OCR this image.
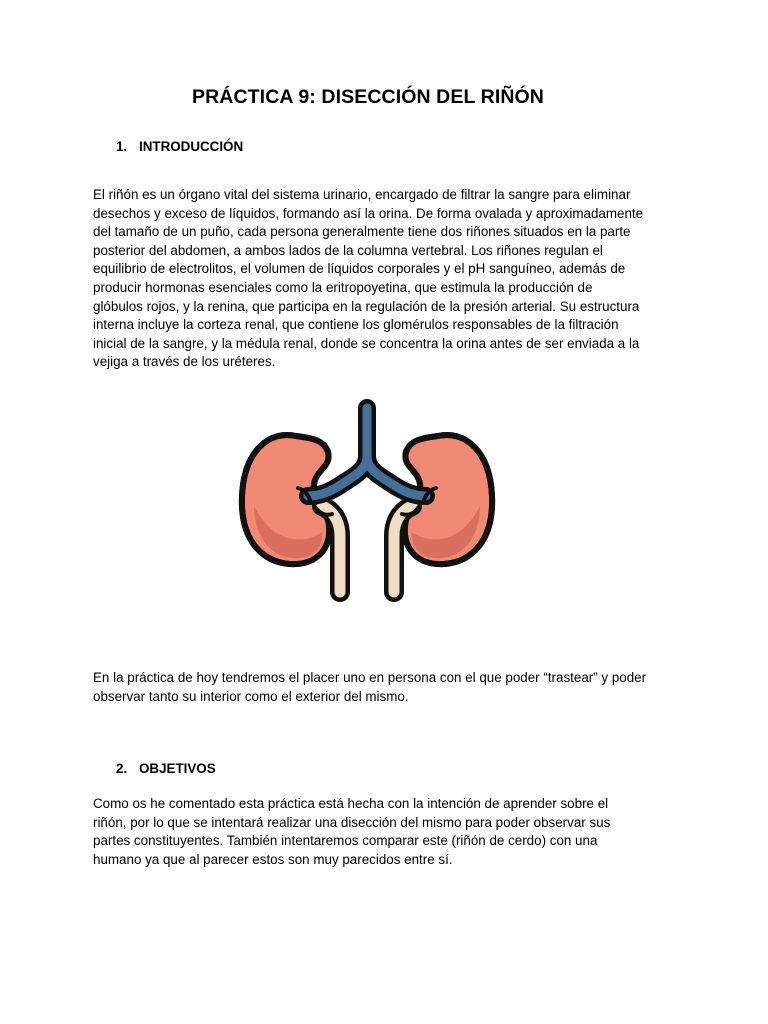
PRÁCTICA 9: DISECCIÓN DEL RIÑÓN
1. INTRODUCCIÓN

El riñón es un órgano vital del sistema urinario, encargado de filtrar la sangre para eliminar
desechos y exceso de líquidos, formando así la orina. De forma ovalada y aproximadamente
del tamaño de un puño, cada persona generalmente tiene dos riñones situados en la parte
posterior del abdomen, a ambos lados de la columna vertebral. Los riñones regulan el
equilibrio de electrolitos, el volumen de líquidos corporales y el pH sanguíneo, además de
producir hormonas esenciales como la eritropoyetina, que estimula la producción de
glóbulos rojos, y la renina, que participa en la regulación de la presión arterial. Su estructura
interna incluye la corteza renal, que contiene los glomérulos responsables de la filtración
inicial de la sangre, y la médula renal, donde se concentra la orina antes de ser enviada a la
vejiga a través de los uréteres.

En la práctica de hoy tendremos el placer uno en persona con el que poder “trastear” y poder
observar tanto su interior como el exterior del mismo.

2. OBJETIVOS

Como os he comentado esta práctica está hecha con la intención de aprender sobre el
riñón, por lo que se intentará realizar una disección del mismo para poder observar sus
partes constituyentes. También intentaremos comparar este (riñón de cerdo) con una
humano ya que al parecer estos son muy parecidos entre sí.
